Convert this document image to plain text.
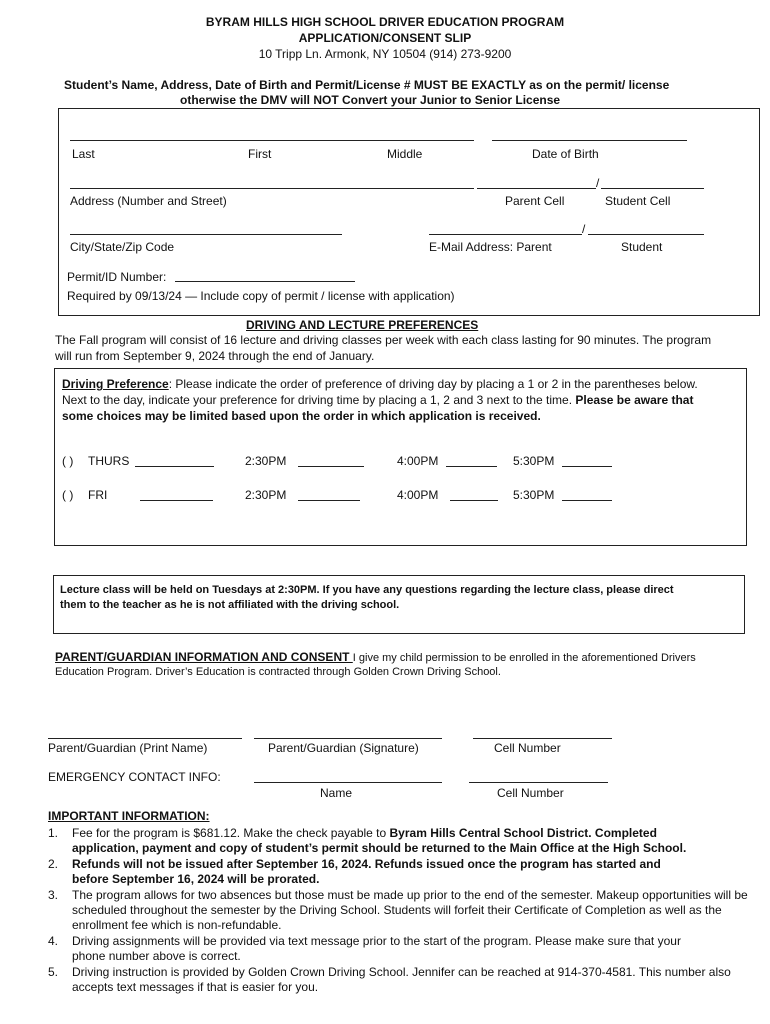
BYRAM HILLS HIGH SCHOOL DRIVER EDUCATION PROGRAM
APPLICATION/CONSENT SLIP
10 Tripp Ln. Armonk, NY 10504 (914) 273-9200
Student’s Name, Address, Date of Birth and Permit/License # MUST BE EXACTLY as on the permit/ license
otherwise the DMV will NOT Convert your Junior to Senior License
Last	First	Middle	Date of Birth
/
Address (Number and Street)	Parent Cell	Student Cell
/
City/State/Zip Code	E-Mail Address: Parent	Student
Permit/ID Number:
Required by 09/13/24 — Include copy of permit / license with application)
DRIVING AND LECTURE PREFERENCES
The Fall program will consist of 16 lecture and driving classes per week with each class lasting for 90 minutes. The program
will run from September 9, 2024 through the end of January.
Driving Preference: Please indicate the order of preference of driving day by placing a 1 or 2 in the parentheses below.
Next to the day, indicate your preference for driving time by placing a 1, 2 and 3 next to the time. Please be aware that
some choices may be limited based upon the order in which application is received.
( ) THURS	2:30PM	4:00PM	5:30PM
( ) FRI	2:30PM	4:00PM	5:30PM
Lecture class will be held on Tuesdays at 2:30PM. If you have any questions regarding the lecture class, please direct
them to the teacher as he is not affiliated with the driving school.
PARENT/GUARDIAN INFORMATION AND CONSENT I give my child permission to be enrolled in the aforementioned Drivers
Education Program. Driver’s Education is contracted through Golden Crown Driving School.
Parent/Guardian (Print Name)	Parent/Guardian (Signature)	Cell Number
EMERGENCY CONTACT INFO:
Name	Cell Number
IMPORTANT INFORMATION:
1. Fee for the program is $681.12. Make the check payable to Byram Hills Central School District. Completed application, payment and copy of student’s permit should be returned to the Main Office at the High School.
2. Refunds will not be issued after September 16, 2024. Refunds issued once the program has started and before September 16, 2024 will be prorated.
3. The program allows for two absences but those must be made up prior to the end of the semester. Makeup opportunities will be scheduled throughout the semester by the Driving School. Students will forfeit their Certificate of Completion as well as the enrollment fee which is non-refundable.
4. Driving assignments will be provided via text message prior to the start of the program. Please make sure that your phone number above is correct.
5. Driving instruction is provided by Golden Crown Driving School. Jennifer can be reached at 914-370-4581. This number also accepts text messages if that is easier for you.
